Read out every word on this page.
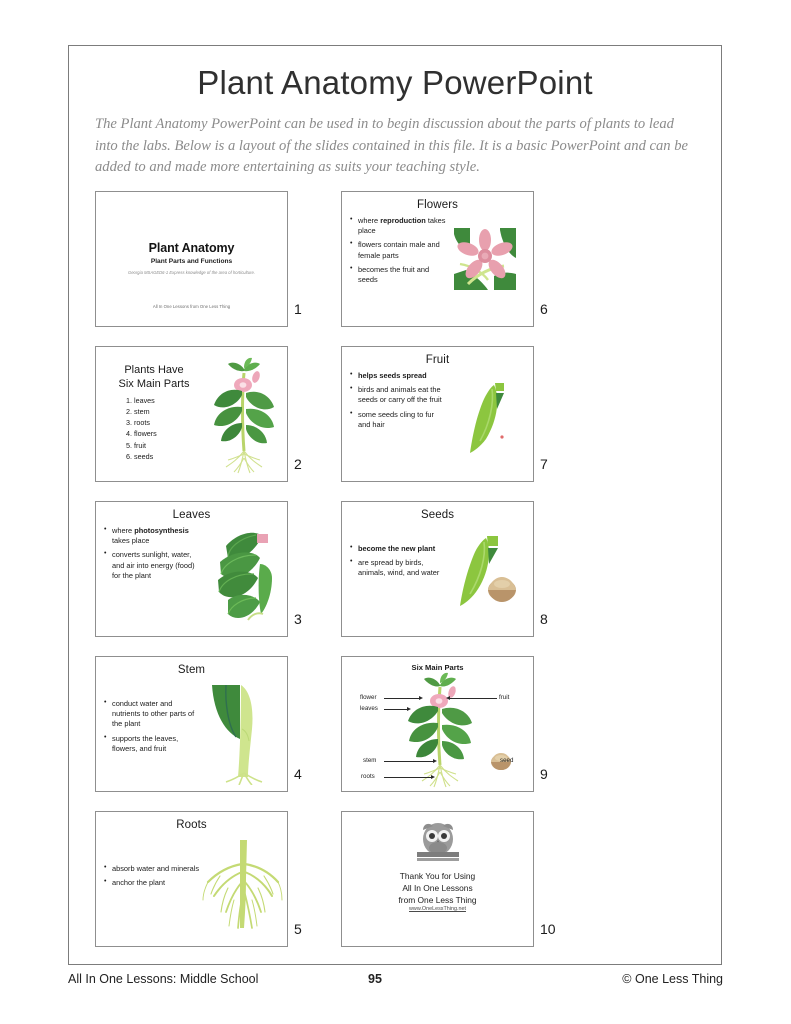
Plant Anatomy PowerPoint
The Plant Anatomy PowerPoint can be used in to begin discussion about the parts of plants to lead into the labs. Below is a layout of the slides contained in this file. It is a basic PowerPoint and can be added to and made more entertaining as suits your teaching style.
Plant Anatomy
Plant Parts and Functions
Georgia MSAGED6-1 Express knowledge of the area of horticulture.
All In One Lessons from One Less Thing	1
Plants Have
Six Main Parts
1. leaves
2. stem
3. roots
4. flowers
5. fruit
6. seeds	2
Leaves
• where photosynthesis takes place
• converts sunlight, water, and air into energy (food) for the plant
3
Stem
• conduct water and nutrients to other parts of the plant
• supports the leaves, flowers, and fruit
4
Roots
• absorb water and minerals
• anchor the plant
5
Flowers
• where reproduction takes place
• flowers contain male and female parts
• becomes the fruit and seeds
6
Fruit
• helps seeds spread
• birds and animals eat the seeds or carry off the fruit
• some seeds cling to fur and hair
7
Seeds
• become the new plant
• are spread by birds, animals, wind, and water
8
Six Main Parts
flower
leaves
fruit
stem
roots
seed
9
Thank You for Using
All In One Lessons
from One Less Thing
www.OneLessThing.net
10
All In One Lessons: Middle School	95	© One Less Thing
